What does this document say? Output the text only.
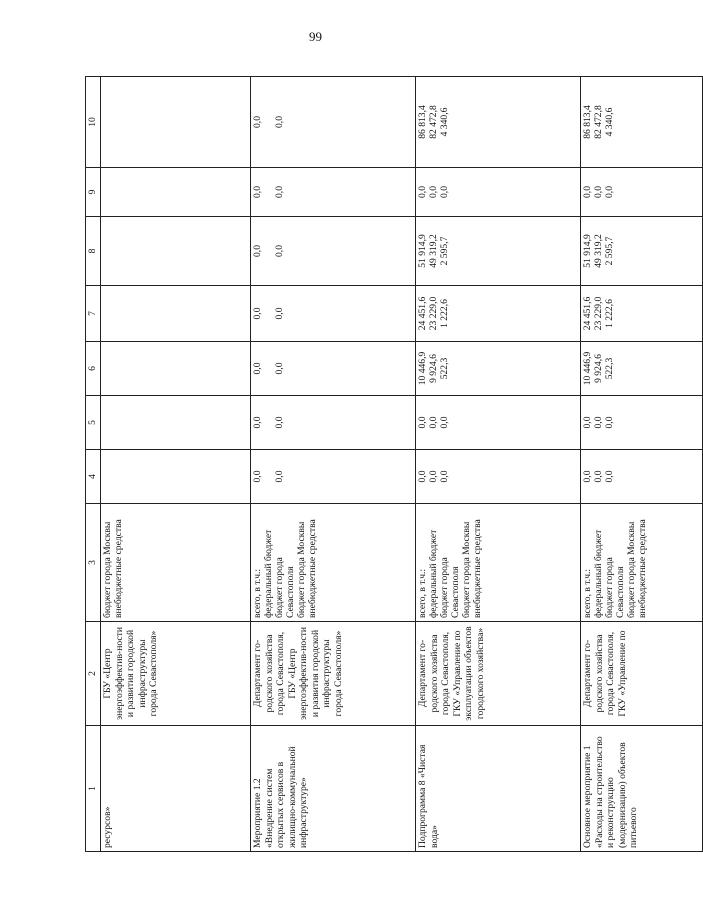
99
1	2	3	4	5	6	7	8	9	10
ресурсов»	ГБУ «Центр энергоэффектив-ности и развития городской инфраструктуры города Севастополя»	бюджет города Москвы внебюджетные средства							

Мероприятие 1.2 «Внедрение систем открытых сервисов в жилищно-коммунальной инфраструктуре»	Департамент го-родского хозяйства города Севастополя, ГБУ «Центр энергоэффектив-ности и развития городской инфраструктуры города Севастополя»	всего, в т.ч.: федеральный бюджет бюджет города Севастополя бюджет города Москвы внебюджетные средства	0,0 0,0	0,0 0,0	0,0 0,0	0,0 0,0	0,0 0,0	0,0 0,0	0,0 0,0

Подпрограмма 8 «Чистая вода»	Департамент го-родского хозяйства города Севастополя, ГКУ «Управление по эксплуатации объектов городского хозяйства»	всего, в т.ч.: федеральный бюджет бюджет города Севастополя бюджет города Москвы внебюджетные средства	0,0 0,0 0,0	0,0 0,0 0,0	10 446,9 9 924,6 522,3	24 451,6 23 229,0 1 222,6	51 914,9 49 319,2 2 595,7	0,0 0,0 0,0	86 813,4 82 472,8 4 340,6

Основное мероприятие 1 «Расходы на строительство и реконструкцию (модернизацию) объектов питьевого	Департамент го-родского хозяйства города Севастополя, ГКУ «Управление по	всего, в т.ч.: федеральный бюджет бюджет города Севастополя бюджет города Москвы внебюджетные средства	0,0 0,0 0,0	0,0 0,0 0,0	10 446,9 9 924,6 522,3	24 451,6 23 229,0 1 222,6	51 914,9 49 319,2 2 595,7	0,0 0,0 0,0	86 813,4 82 472,8 4 340,6
